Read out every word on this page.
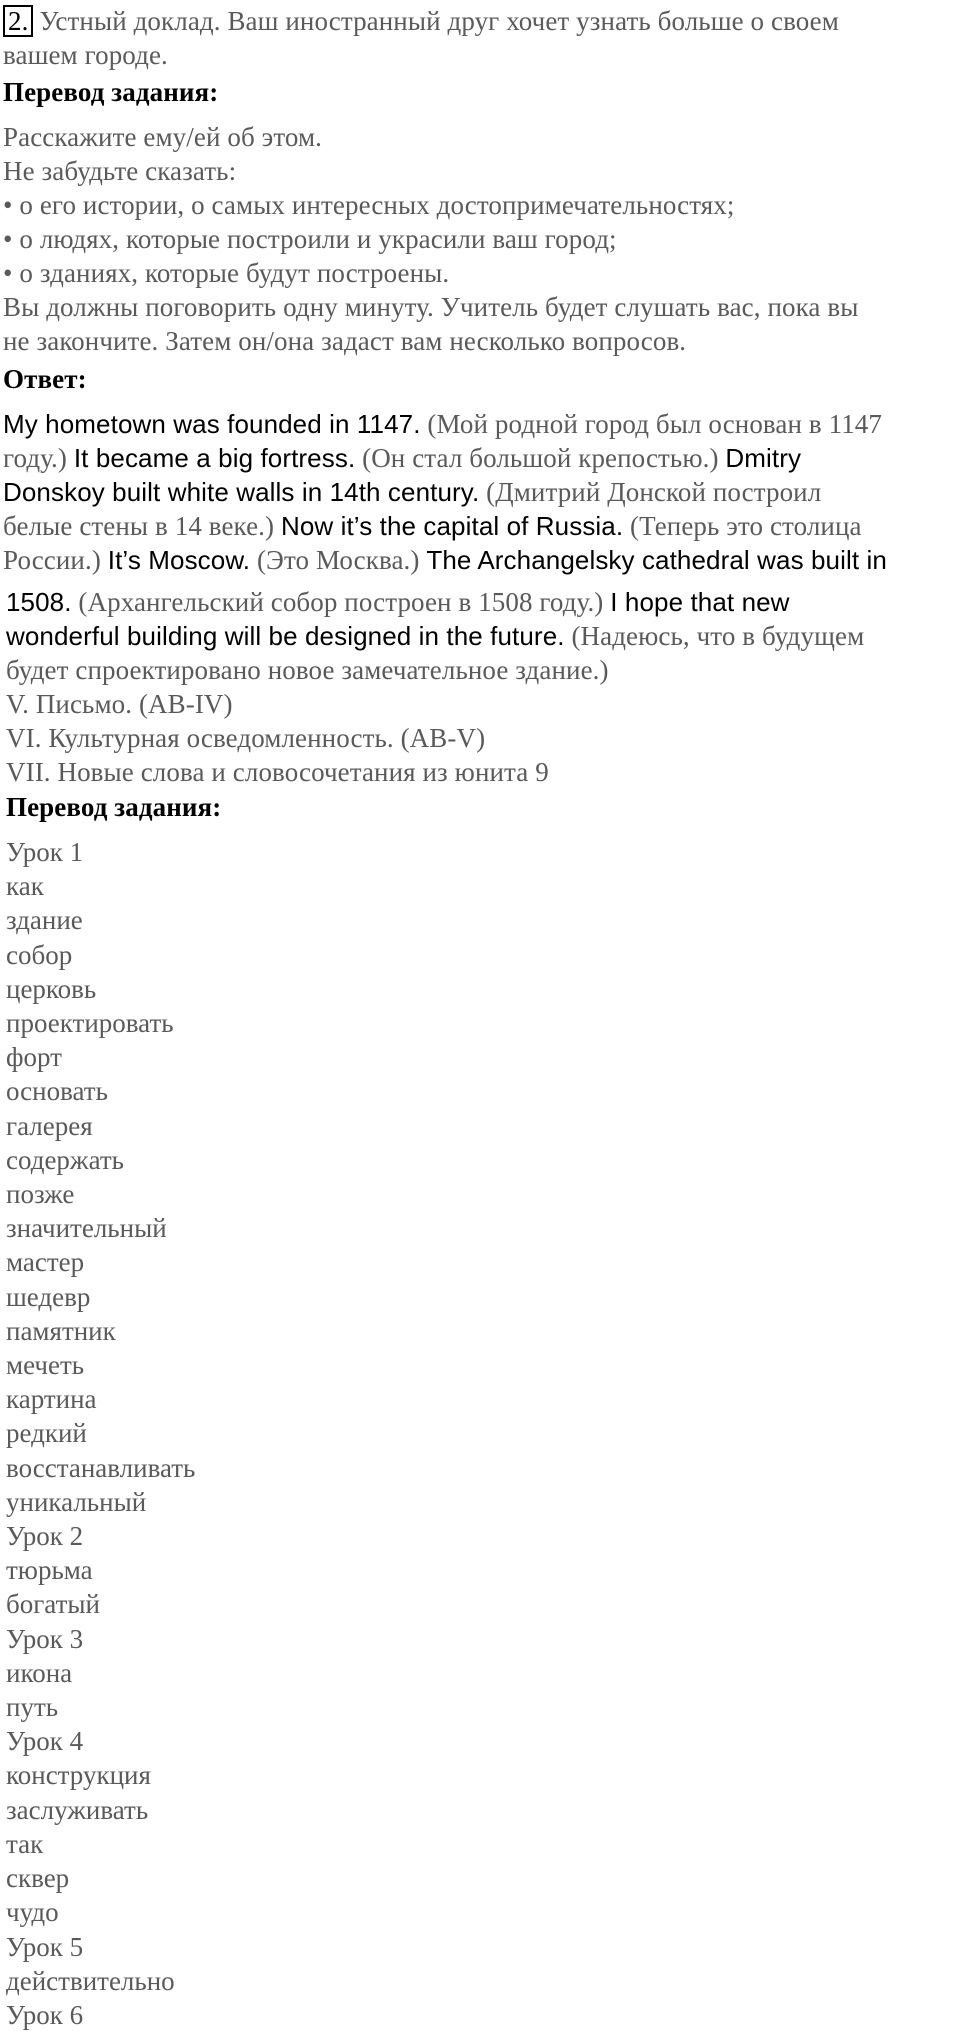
2. Устный доклад. Ваш иностранный друг хочет узнать больше о своем
вашем городе.
Перевод задания:
Расскажите ему/ей об этом.
Не забудьте сказать:
• о его истории, о самых интересных достопримечательностях;
• о людях, которые построили и украсили ваш город;
• о зданиях, которые будут построены.
Вы должны поговорить одну минуту. Учитель будет слушать вас, пока вы
не закончите. Затем он/она задаст вам несколько вопросов.
Ответ:
My hometown was founded in 1147. (Мой родной город был основан в 1147
году.) It became a big fortress. (Он стал большой крепостью.) Dmitry
Donskoy built white walls in 14th century. (Дмитрий Донской построил
белые стены в 14 веке.) Now it’s the capital of Russia. (Теперь это столица
России.) It’s Moscow. (Это Москва.) The Archangelsky cathedral was built in
1508. (Архангельский собор построен в 1508 году.) I hope that new
wonderful building will be designed in the future. (Надеюсь, что в будущем
будет спроектировано новое замечательное здание.)
V. Письмо. (AB-IV)
VI. Культурная осведомленность. (AB-V)
VII. Новые слова и словосочетания из юнита 9
Перевод задания:
Урок 1
как
здание
собор
церковь
проектировать
форт
основать
галерея
содержать
позже
значительный
мастер
шедевр
памятник
мечеть
картина
редкий
восстанавливать
уникальный
Урок 2
тюрьма
богатый
Урок 3
икона
путь
Урок 4
конструкция
заслуживать
так
сквер
чудо
Урок 5
действительно
Урок 6
